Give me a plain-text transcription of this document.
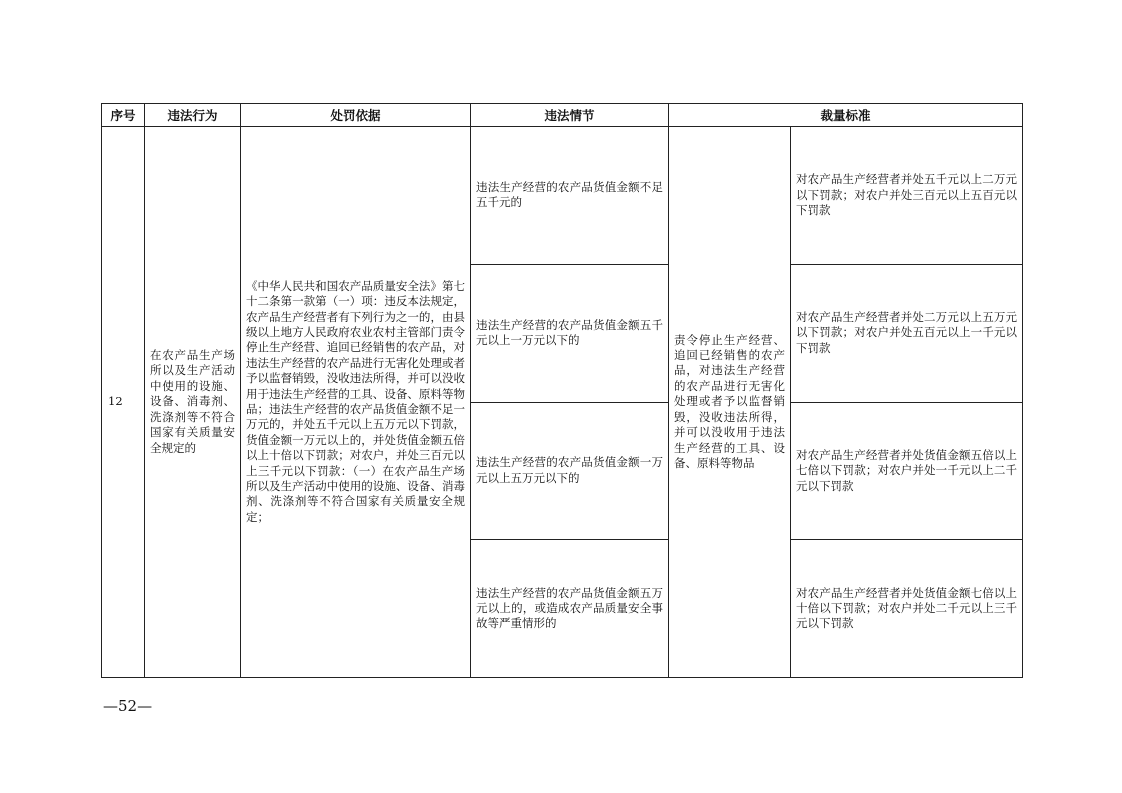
序号	违法行为	处罚依据	违法情节	裁量标准	
12	在农产品生产场所以及生产活动中使用的设施、设备、消毒剂、洗涤剂等不符合国家有关质量安全规定的	《中华人民共和国农产品质量安全法》第七十二条第一款第（一）项：违反本法规定，农产品生产经营者有下列行为之一的，由县级以上地方人民政府农业农村主管部门责令停止生产经营、追回已经销售的农产品，对违法生产经营的农产品进行无害化处理或者予以监督销毁，没收违法所得，并可以没收用于违法生产经营的工具、设备、原料等物品；违法生产经营的农产品货值金额不足一万元的，并处五千元以上五万元以下罚款，货值金额一万元以上的，并处货值金额五倍以上十倍以下罚款；对农户，并处三百元以上三千元以下罚款：（一）在农产品生产场所以及生产活动中使用的设施、设备、消毒剂、洗涤剂等不符合国家有关质量安全规定；	违法生产经营的农产品货值金额不足五千元的	责令停止生产经营、追回已经销售的农产品，对违法生产经营的农产品进行无害化处理或者予以监督销毁，没收违法所得，并可以没收用于违法生产经营的工具、设备、原料等物品	对农产品生产经营者并处五千元以上二万元以下罚款；对农户并处三百元以上五百元以下罚款
			违法生产经营的农产品货值金额五千元以上一万元以下的		对农产品生产经营者并处二万元以上五万元以下罚款；对农户并处五百元以上一千元以下罚款
			违法生产经营的农产品货值金额一万元以上五万元以下的		对农产品生产经营者并处货值金额五倍以上七倍以下罚款；对农户并处一千元以上二千元以下罚款
			违法生产经营的农产品货值金额五万元以上的，或造成农产品质量安全事故等严重情形的		对农产品生产经营者并处货值金额七倍以上十倍以下罚款；对农户并处二千元以上三千元以下罚款
—52—
